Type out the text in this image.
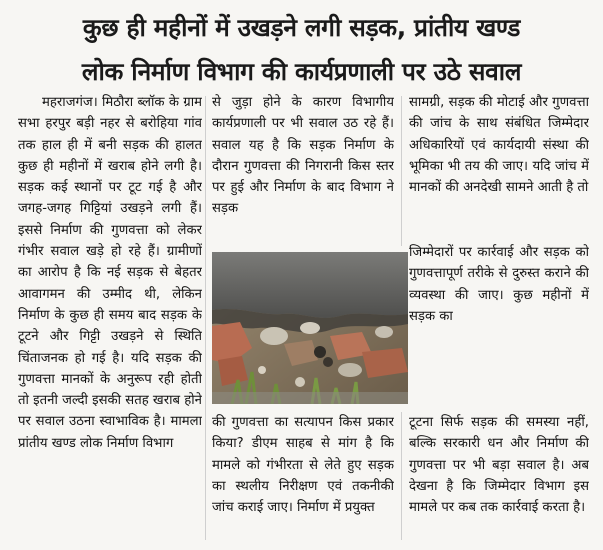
कुछ ही महीनों में उखड़ने लगी सड़क, प्रांतीय खण्ड
लोक निर्माण विभाग की कार्यप्रणाली पर उठे सवाल

महराजगंज। मिठौरा ब्लॉक के ग्राम सभा हरपुर बड़ी नहर से बरोहिया गांव तक हाल ही में बनी सड़क की हालत कुछ ही महीनों में खराब होने लगी है। सड़क कई स्थानों पर टूट गई है और जगह-जगह गिट्टियां उखड़ने लगी हैं। इससे निर्माण की गुणवत्ता को लेकर गंभीर सवाल खड़े हो रहे हैं। ग्रामीणों का आरोप है कि नई सड़क से बेहतर आवागमन की उम्मीद थी, लेकिन निर्माण के कुछ ही समय बाद सड़क के टूटने और गिट्टी उखड़ने से स्थिति चिंताजनक हो गई है। यदि सड़क की गुणवत्ता मानकों के अनुरूप रही होती तो इतनी जल्दी इसकी सतह खराब होने पर सवाल उठना स्वाभाविक है। मामला प्रांतीय खण्ड लोक निर्माण विभाग

से जुड़ा होने के कारण विभागीय कार्यप्रणाली पर भी सवाल उठ रहे हैं। सवाल यह है कि सड़क निर्माण के दौरान गुणवत्ता की निगरानी किस स्तर पर हुई और निर्माण के बाद विभाग ने सड़क

सामग्री, सड़क की मोटाई और गुणवत्ता की जांच के साथ संबंधित जिम्मेदार अधिकारियों एवं कार्यदायी संस्था की भूमिका भी तय की जाए। यदि जांच में मानकों की अनदेखी सामने आती है तो

जिम्मेदारों पर कार्रवाई और सड़क को गुणवत्तापूर्ण तरीके से दुरुस्त कराने की व्यवस्था की जाए। कुछ महीनों में सड़क का

की गुणवत्ता का सत्यापन किस प्रकार किया? डीएम साहब से मांग है कि मामले को गंभीरता से लेते हुए सड़क का स्थलीय निरीक्षण एवं तकनीकी जांच कराई जाए। निर्माण में प्रयुक्त

टूटना सिर्फ सड़क की समस्या नहीं, बल्कि सरकारी धन और निर्माण की गुणवत्ता पर भी बड़ा सवाल है। अब देखना है कि जिम्मेदार विभाग इस मामले पर कब तक कार्रवाई करता है।
